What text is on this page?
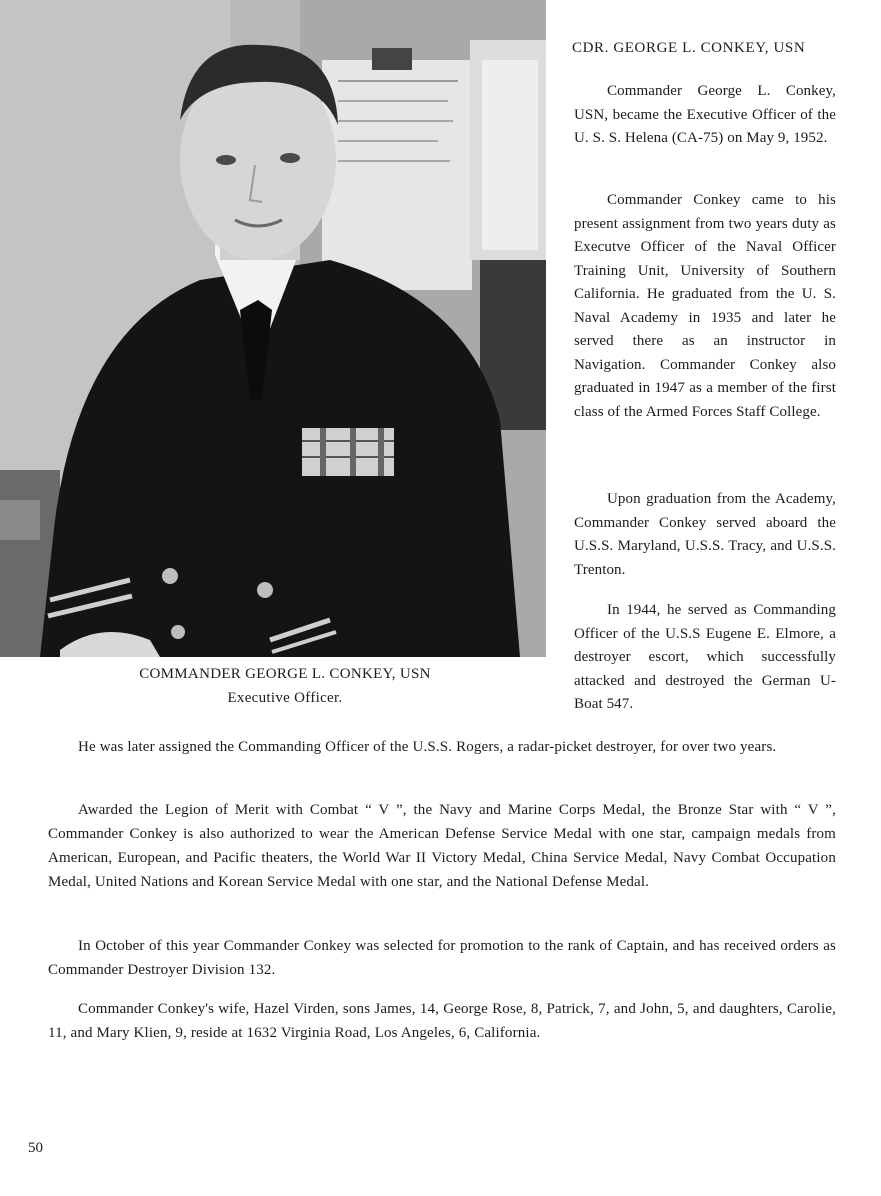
COMMANDER GEORGE L. CONKEY, USN
Executive Officer.
CDR. GEORGE L. CONKEY, USN

Commander George L. Conkey, USN, became the Executive Officer of the U. S. S. Helena (CA-75) on May 9, 1952.

Commander Conkey came to his present assignment from two years duty as Executve Officer of the Naval Officer Training Unit, University of Southern California. He graduated from the U. S. Naval Academy in 1935 and later he served there as an instructor in Navigation. Commander Conkey also graduated in 1947 as a member of the first class of the Armed Forces Staff College.

Upon graduation from the Academy, Commander Conkey served aboard the U.S.S. Maryland, U.S.S. Tracy, and U.S.S. Trenton.

In 1944, he served as Commanding Officer of the U.S.S Eugene E. Elmore, a destroyer escort, which successfully attacked and destroyed the German U-Boat 547.

He was later assigned the Commanding Officer of the U.S.S. Rogers, a radar-picket destroyer, for over two years.

Awarded the Legion of Merit with Combat “ V ”, the Navy and Marine Corps Medal, the Bronze Star with “ V ”, Commander Conkey is also authorized to wear the American Defense Service Medal with one star, campaign medals from American, European, and Pacific theaters, the World War II Victory Medal, China Service Medal, Navy Combat Occupation Medal, United Nations and Korean Service Medal with one star, and the National Defense Medal.

In October of this year Commander Conkey was selected for promotion to the rank of Captain, and has received orders as Commander Destroyer Division 132.

Commander Conkey's wife, Hazel Virden, sons James, 14, George Rose, 8, Patrick, 7, and John, 5, and daughters, Carolie, 11, and Mary Klien, 9, reside at 1632 Virginia Road, Los Angeles, 6, California.

50
